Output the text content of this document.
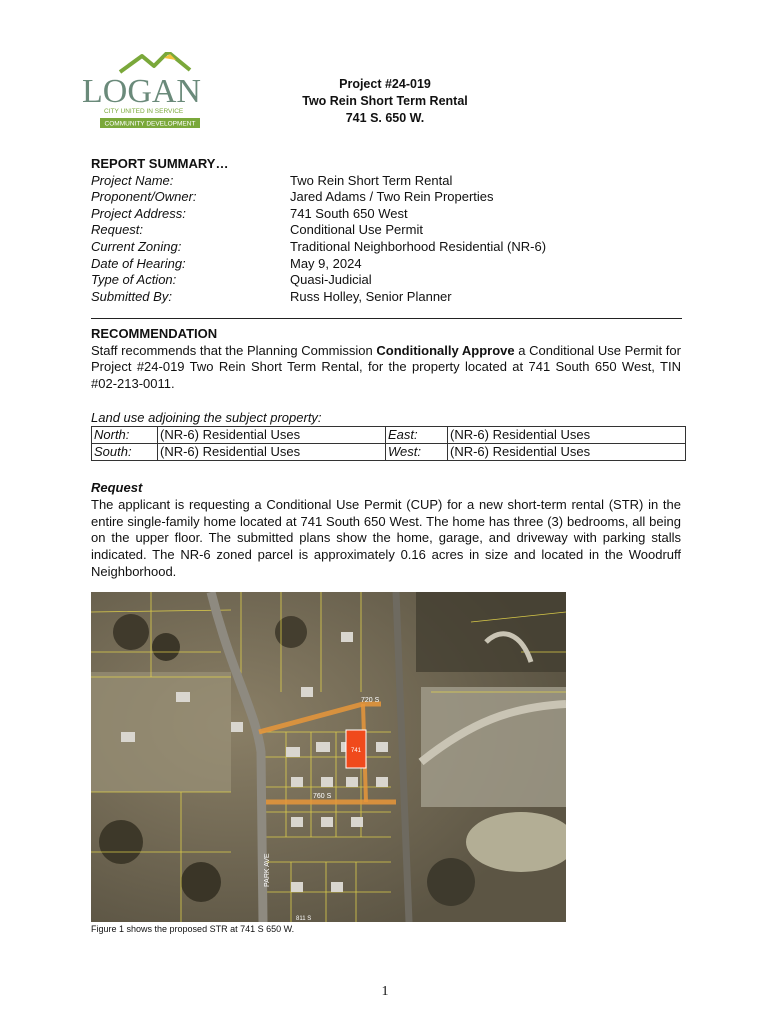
LOGAN
CITY UNITED IN SERVICE
COMMUNITY DEVELOPMENT
Project #24-019
Two Rein Short Term Rental
741 S. 650 W.
REPORT SUMMARY…
Project Name:	Two Rein Short Term Rental
Proponent/Owner:	Jared Adams / Two Rein Properties
Project Address:	741 South 650 West
Request:	Conditional Use Permit
Current Zoning:	Traditional Neighborhood Residential (NR-6)
Date of Hearing:	May 9, 2024
Type of Action:	Quasi-Judicial
Submitted By:	Russ Holley, Senior Planner
RECOMMENDATION

Staff recommends that the Planning Commission Conditionally Approve a Conditional Use Permit for Project #24-019 Two Rein Short Term Rental, for the property located at 741 South 650 West, TIN #02-213-0011.

Land use adjoining the subject property:
North:	(NR-6) Residential Uses	East:	(NR-6) Residential Uses
South:	(NR-6) Residential Uses	West:	(NR-6) Residential Uses
Request

The applicant is requesting a Conditional Use Permit (CUP) for a new short-term rental (STR) in the entire single-family home located at 741 South 650 West. The home has three (3) bedrooms, all being on the upper floor. The submitted plans show the home, garage, and driveway with parking stalls indicated. The NR-6 zoned parcel is approximately 0.16 acres in size and located in the Woodruff Neighborhood.

741
720 S
760 S
PARK AVE
811 S
Figure 1 shows the proposed STR at 741 S 650 W.
1
